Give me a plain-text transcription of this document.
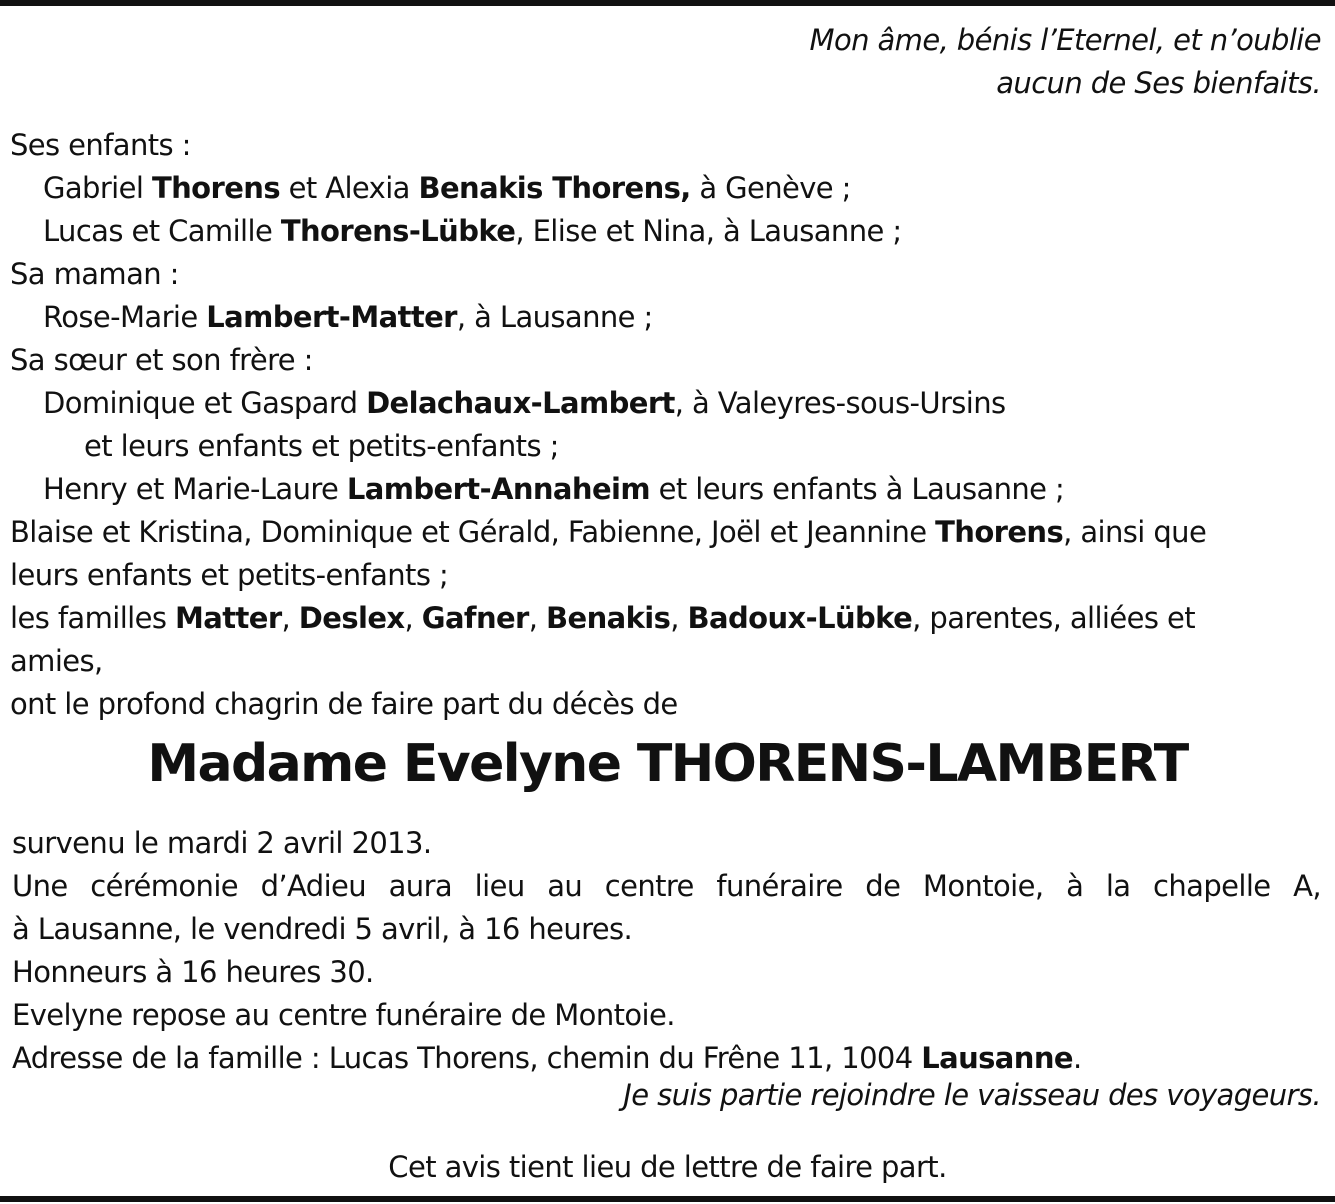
Mon âme, bénis l’Eternel, et n’oublie
aucun de Ses bienfaits.
Ses enfants :
Gabriel Thorens et Alexia Benakis Thorens, à Genève ;
Lucas et Camille Thorens-Lübke, Elise et Nina, à Lausanne ;
Sa maman :
Rose-Marie Lambert-Matter, à Lausanne ;
Sa sœur et son frère :
Dominique et Gaspard Delachaux-Lambert, à Valeyres-sous-Ursins
et leurs enfants et petits-enfants ;
Henry et Marie-Laure Lambert-Annaheim et leurs enfants à Lausanne ;
Blaise et Kristina, Dominique et Gérald, Fabienne, Joël et Jeannine Thorens, ainsi que
leurs enfants et petits-enfants ;
les familles Matter, Deslex, Gafner, Benakis, Badoux-Lübke, parentes, alliées et
amies,
ont le profond chagrin de faire part du décès de
Madame Evelyne THORENS-LAMBERT
survenu le mardi 2 avril 2013.
Une cérémonie d’Adieu aura lieu au centre funéraire de Montoie, à la chapelle A,
à Lausanne, le vendredi 5 avril, à 16 heures.
Honneurs à 16 heures 30.
Evelyne repose au centre funéraire de Montoie.
Adresse de la famille : Lucas Thorens, chemin du Frêne 11, 1004 Lausanne.
Je suis partie rejoindre le vaisseau des voyageurs.
Cet avis tient lieu de lettre de faire part.
